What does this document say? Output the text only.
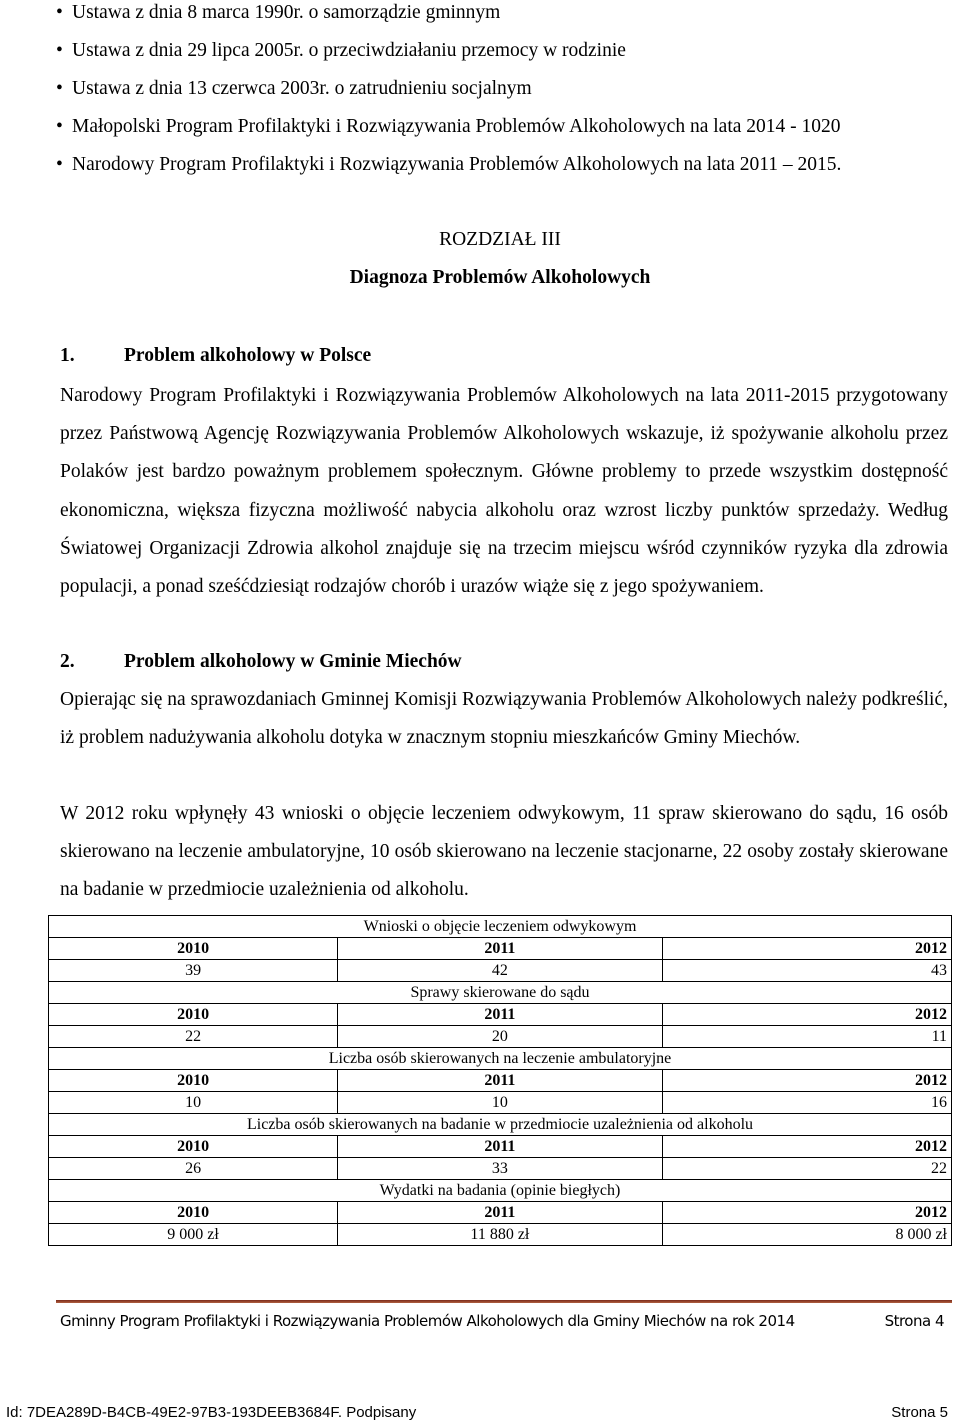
• Ustawa z dnia 8 marca 1990r. o samorządzie gminnym
• Ustawa z dnia 29 lipca 2005r. o przeciwdziałaniu przemocy w rodzinie
• Ustawa z dnia 13 czerwca 2003r. o zatrudnieniu socjalnym
• Małopolski Program Profilaktyki i Rozwiązywania Problemów Alkoholowych na lata 2014 - 1020
• Narodowy Program Profilaktyki i Rozwiązywania Problemów Alkoholowych na lata 2011 – 2015.
ROZDZIAŁ III
Diagnoza Problemów Alkoholowych
1.	Problem alkoholowy w Polsce
Narodowy Program Profilaktyki i Rozwiązywania Problemów Alkoholowych na lata 2011-2015 przygotowany przez Państwową Agencję Rozwiązywania Problemów Alkoholowych wskazuje, iż spożywanie alkoholu przez Polaków jest bardzo poważnym problemem społecznym. Główne problemy to przede wszystkim dostępność ekonomiczna, większa fizyczna możliwość nabycia alkoholu oraz wzrost liczby punktów sprzedaży. Według Światowej Organizacji Zdrowia alkohol znajduje się na trzecim miejscu wśród czynników ryzyka dla zdrowia populacji, a ponad sześćdziesiąt rodzajów chorób i urazów wiąże się z jego spożywaniem.
2.	Problem alkoholowy w Gminie Miechów
Opierając się na sprawozdaniach Gminnej Komisji Rozwiązywania Problemów Alkoholowych należy podkreślić, iż problem nadużywania alkoholu dotyka w znacznym stopniu mieszkańców Gminy Miechów.
W 2012 roku wpłynęły 43 wnioski o objęcie leczeniem odwykowym, 11 spraw skierowano do sądu, 16 osób skierowano na leczenie ambulatoryjne, 10 osób skierowano na leczenie stacjonarne, 22 osoby zostały skierowane na badanie w przedmiocie uzależnienia od alkoholu.
Wnioski o objęcie leczeniem odwykowym		
2010	2011	2012
39	42	43
Sprawy skierowane do sądu		
2010	2011	2012
22	20	11
Liczba osób skierowanych na leczenie ambulatoryjne		
2010	2011	2012
10	10	16
Liczba osób skierowanych na badanie w przedmiocie uzależnienia od alkoholu		
2010	2011	2012
26	33	22
Wydatki na badania (opinie biegłych)		
2010	2011	2012
9 000 zł	11 880 zł	8 000 zł
Gminny Program Profilaktyki i Rozwiązywania Problemów Alkoholowych dla Gminy Miechów na rok 2014	Strona 4
Id: 7DEA289D-B4CB-49E2-97B3-193DEEB3684F. Podpisany	Strona 5
